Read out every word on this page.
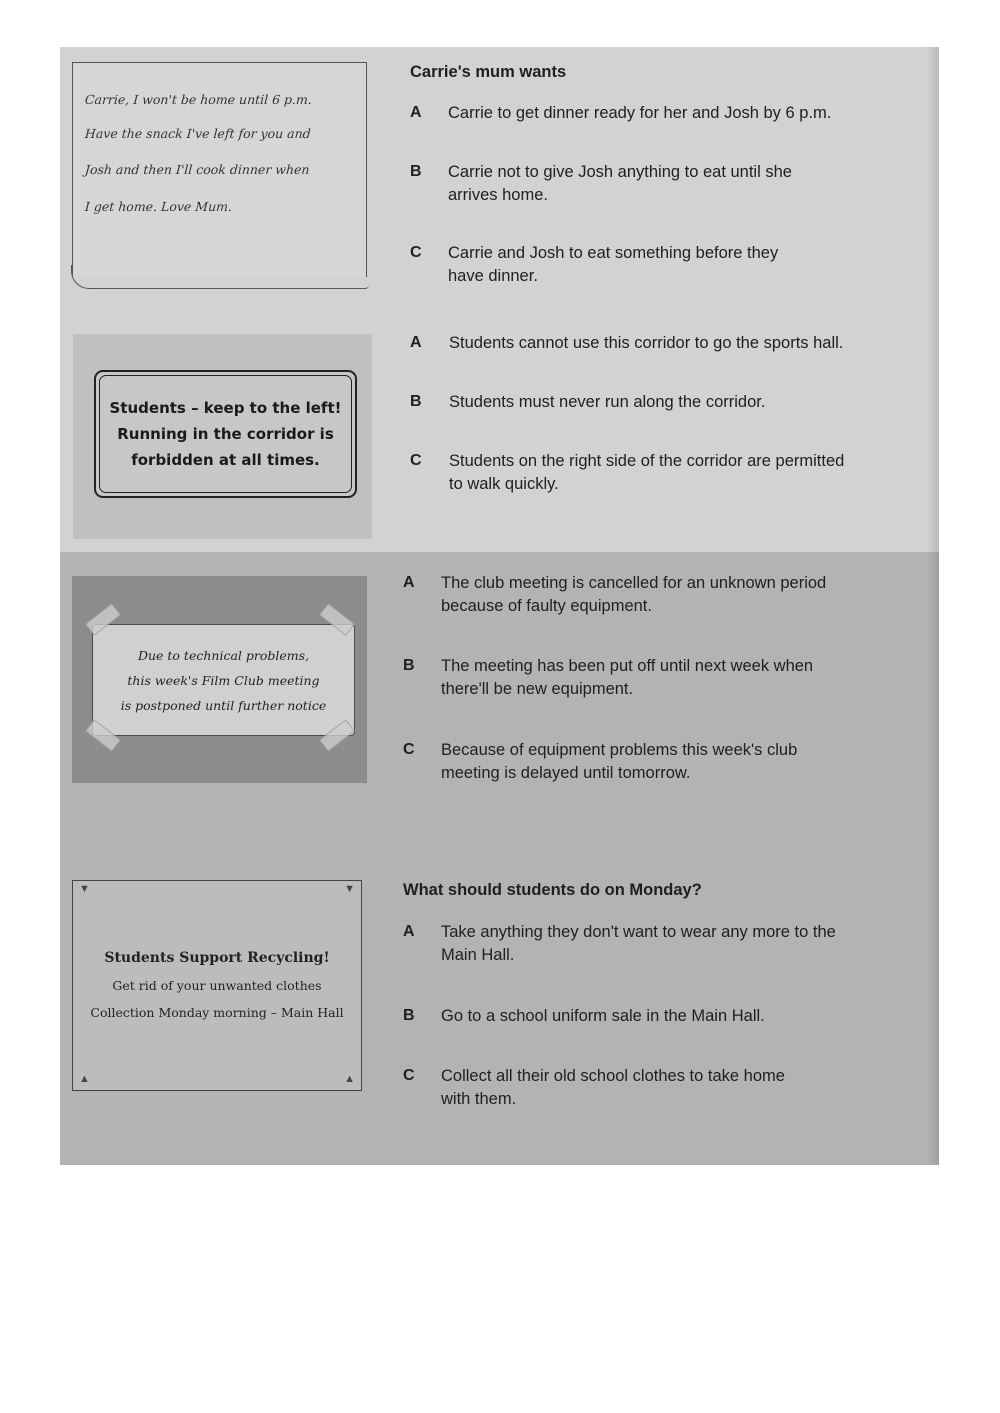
Carrie, I won't be home until 6 p.m.
Have the snack I've left for you and
Josh and then I'll cook dinner when
I get home. Love Mum.
Students – keep to the left!
Running in the corridor is
forbidden at all times.
Due to technical problems,
this week's Film Club meeting
is postponed until further notice
▼	▼
▲	▲
Students Support Recycling!
Get rid of your unwanted clothes
Collection Monday morning – Main Hall
Carrie's mum wants
A Carrie to get dinner ready for her and Josh by 6 p.m.
B Carrie not to give Josh anything to eat until she
arrives home.
C Carrie and Josh to eat something before they
have dinner.
A Students cannot use this corridor to go the sports hall.
B Students must never run along the corridor.
C Students on the right side of the corridor are permitted
to walk quickly.
A The club meeting is cancelled for an unknown period
because of faulty equipment.
B The meeting has been put off until next week when
there'll be new equipment.
C Because of equipment problems this week's club
meeting is delayed until tomorrow.
What should students do on Monday?
A Take anything they don't want to wear any more to the
Main Hall.
B Go to a school uniform sale in the Main Hall.
C Collect all their old school clothes to take home
with them.
